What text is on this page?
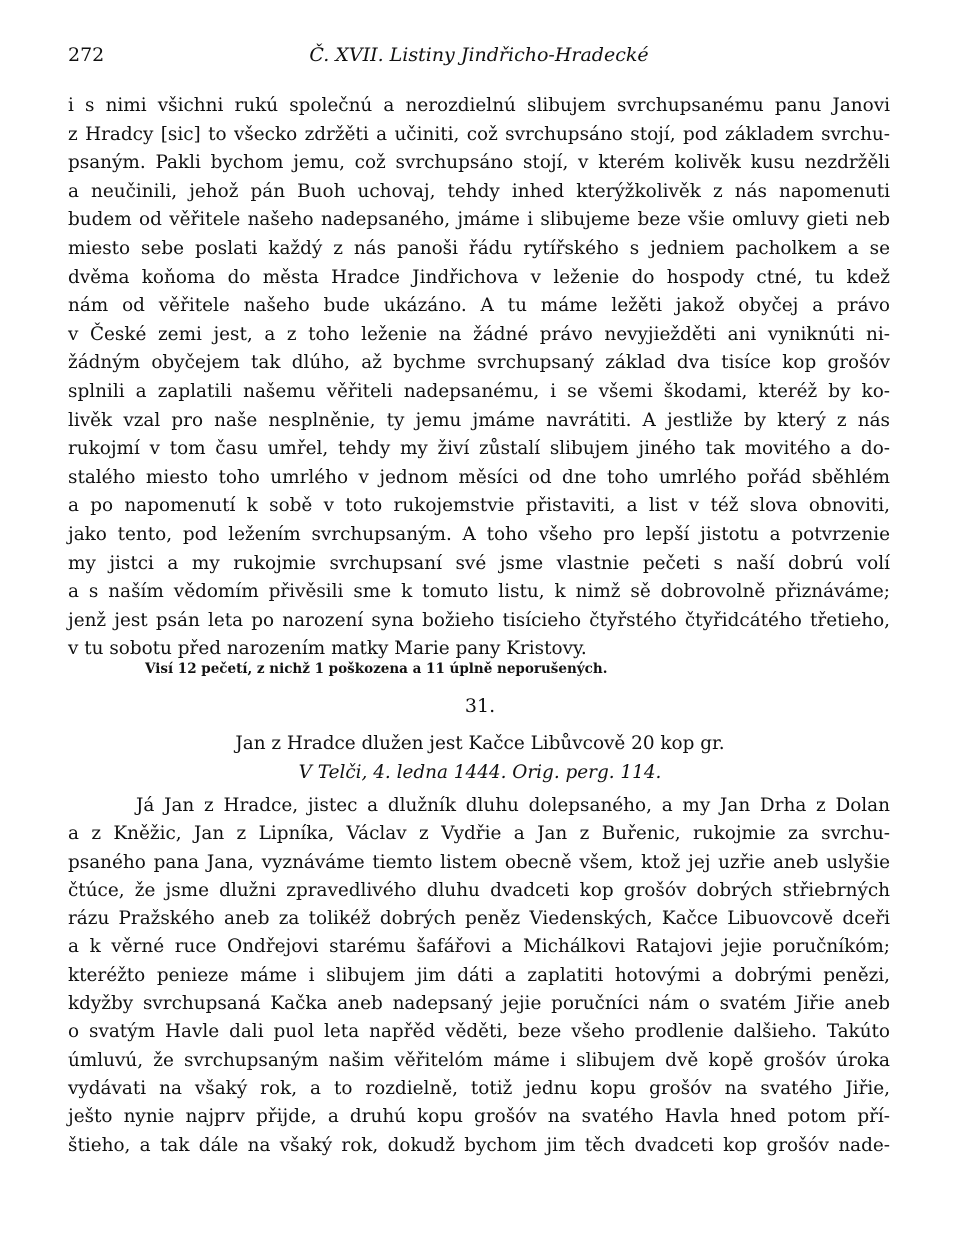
272	Č. XVII. Listiny Jindřicho-Hradecké
i s nimi všichni rukú společnú a nerozdielnú slibujem svrchupsanému panu Janovi
z Hradcy [sic] to všecko zdržěti a učiniti, což svrchupsáno stojí, pod základem svrchu-
psaným. Pakli bychom jemu, což svrchupsáno stojí, v kterém kolivěk kusu nezdržěli
a neučinili, jehož pán Buoh uchovaj, tehdy inhed kterýžkolivěk z nás napomenuti
budem od věřitele našeho nadepsaného, jmáme i slibujeme beze všie omluvy gieti neb
miesto sebe poslati každý z nás panoši řádu rytířského s jedniem pacholkem a se
dvěma koňoma do města Hradce Jindřichova v leženie do hospody ctné, tu kdež
nám od věřitele našeho bude ukázáno. A tu máme ležěti jakož obyčej a právo
v České zemi jest, a z toho leženie na žádné právo nevyjiežděti ani vyniknúti ni-
žádným obyčejem tak dlúho, až bychme svrchupsaný základ dva tisíce kop grošóv
splnili a zaplatili našemu věřiteli nadepsanému, i se všemi škodami, kteréž by ko-
livěk vzal pro naše nesplněnie, ty jemu jmáme navrátiti. A jestliže by který z nás
rukojmí v tom času umřel, tehdy my živí zůstalí slibujem jiného tak movitého a do-
stalého miesto toho umrlého v jednom měsíci od dne toho umrlého pořád sběhlém
a po napomenutí k sobě v toto rukojemstvie přistaviti, a list v též slova obnoviti,
jako tento, pod ležením svrchupsaným. A toho všeho pro lepší jistotu a potvrzenie
my jistci a my rukojmie svrchupsaní své jsme vlastnie pečeti s naší dobrú volí
a s naším vědomím přivěsili sme k tomuto listu, k nimž sě dobrovolně přiznáváme;
jenž jest psán leta po narození syna božieho tisícieho čtyřstého čtyřidcátého třetieho,
v tu sobotu před narozením matky Marie pany Kristovy.
Visí 12 pečetí, z nichž 1 poškozena a 11 úplně neporušených.
31.
Jan z Hradce dlužen jest Kačce Libůvcově 20 kop gr.
V Telči, 4. ledna 1444. Orig. perg. 114.
Já Jan z Hradce, jistec a dlužník dluhu dolepsaného, a my Jan Drha z Dolan
a z Kněžic, Jan z Lipníka, Václav z Vydřie a Jan z Buřenic, rukojmie za svrchu-
psaného pana Jana, vyznáváme tiemto listem obecně všem, ktož jej uzřie aneb uslyšie
čtúce, že jsme dlužni zpravedlivého dluhu dvadceti kop grošóv dobrých střiebrných
rázu Pražského aneb za tolikéž dobrých peněz Viedenských, Kačce Libuovcově dceři
a k věrné ruce Ondřejovi starému šafářovi a Michálkovi Ratajovi jejie poručníkóm;
kteréžto penieze máme i slibujem jim dáti a zaplatiti hotovými a dobrými penězi,
kdyžby svrchupsaná Kačka aneb nadepsaný jejie poručníci nám o svatém Jiřie aneb
o svatým Havle dali puol leta napřěd věděti, beze všeho prodlenie dalšieho. Takúto
úmluvú, že svrchupsaným našim věřitelóm máme i slibujem dvě kopě grošóv úroka
vydávati na všaký rok, a to rozdielně, totiž jednu kopu grošóv na svatého Jiřie,
ješto nynie najprv přijde, a druhú kopu grošóv na svatého Havla hned potom pří-
štieho, a tak dále na všaký rok, dokudž bychom jim těch dvadceti kop grošóv nade-
